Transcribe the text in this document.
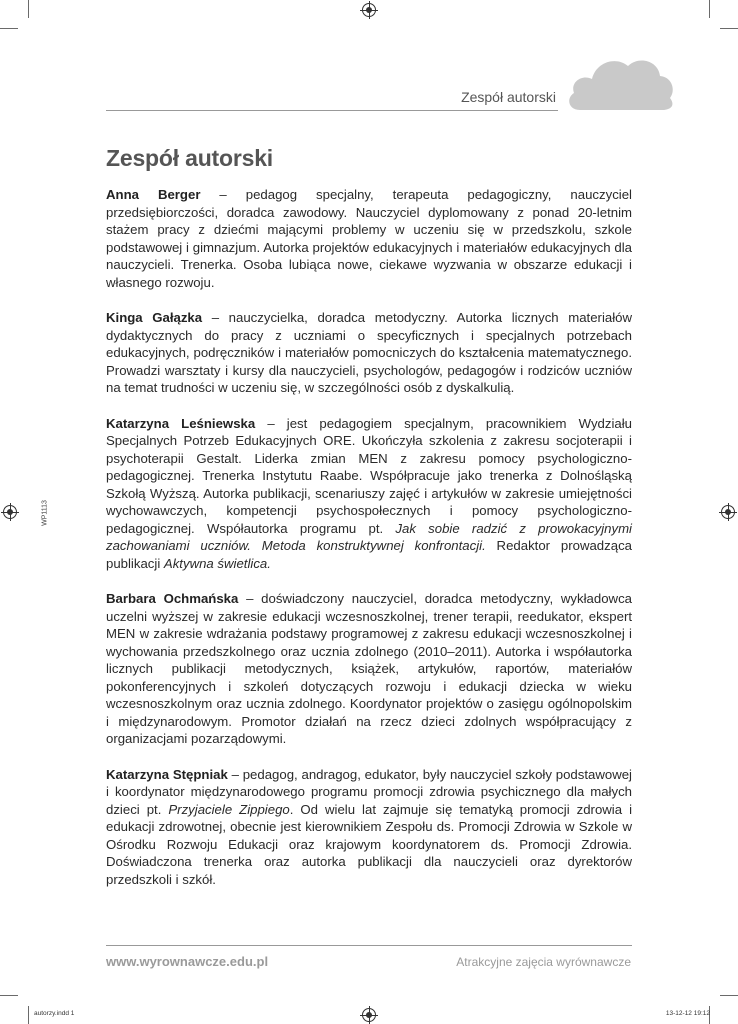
Zespół autorski
Zespół autorski
WP1113

Anna Berger – pedagog specjalny, terapeuta pedagogiczny, nauczyciel przedsiębiorczości, doradca zawodowy. Nauczyciel dyplomowany z ponad 20-letnim stażem pracy z dziećmi mającymi problemy w uczeniu się w przedszkolu, szkole podstawowej i gimnazjum. Autorka projektów edukacyjnych i materiałów edukacyjnych dla nauczycieli. Trenerka. Osoba lubiąca nowe, ciekawe wyzwania w obszarze edukacji i własnego rozwoju.

Kinga Gałązka – nauczycielka, doradca metodyczny. Autorka licznych materiałów dydaktycznych do pracy z uczniami o specyficznych i specjalnych potrzebach edukacyjnych, podręczników i materiałów pomocniczych do kształcenia matematycznego. Prowadzi warsztaty i kursy dla nauczycieli, psychologów, pedagogów i rodziców uczniów na temat trudności w uczeniu się, w szczególności osób z dyskalkulią.

Katarzyna Leśniewska – jest pedagogiem specjalnym, pracownikiem Wydziału Specjalnych Potrzeb Edukacyjnych ORE. Ukończyła szkolenia z zakresu socjoterapii i psychoterapii Gestalt. Liderka zmian MEN z zakresu pomocy psychologiczno-pedagogicznej. Trenerka Instytutu Raabe. Współpracuje jako trenerka z Dolnośląską Szkołą Wyższą. Autorka publikacji, scenariuszy zajęć i artykułów w zakresie umiejętności wychowawczych, kompetencji psychospołecznych i pomocy psychologiczno-pedagogicznej. Współautorka programu pt. Jak sobie radzić z prowokacyjnymi zachowaniami uczniów. Metoda konstruktywnej konfrontacji. Redaktor prowadząca publikacji Aktywna świetlica.

Barbara Ochmańska – doświadczony nauczyciel, doradca metodyczny, wykładowca uczelni wyższej w zakresie edukacji wczesnoszkolnej, trener terapii, reedukator, ekspert MEN w zakresie wdrażania podstawy programowej z zakresu edukacji wczesnoszkolnej i wychowania przedszkolnego oraz ucznia zdolnego (2010–2011). Autorka i współautorka licznych publikacji metodycznych, książek, artykułów, raportów, materiałów pokonferencyjnych i szkoleń dotyczących rozwoju i edukacji dziecka w wieku wczesnoszkolnym oraz ucznia zdolnego. Koordynator projektów o zasięgu ogólnopolskim i międzynarodowym. Promotor działań na rzecz dzieci zdolnych współpracujący z organizacjami pozarządowymi.

Katarzyna Stępniak – pedagog, andragog, edukator, były nauczyciel szkoły podstawowej i koordynator międzynarodowego programu promocji zdrowia psychicznego dla małych dzieci pt. Przyjaciele Zippiego. Od wielu lat zajmuje się tematyką promocji zdrowia i edukacji zdrowotnej, obecnie jest kierownikiem Zespołu ds. Promocji Zdrowia w Szkole w Ośrodku Rozwoju Edukacji oraz krajowym koordynatorem ds. Promocji Zdrowia. Doświadczona trenerka oraz autorka publikacji dla nauczycieli oraz dyrektorów przedszkoli i szkół.

www.wyrownawcze.edu.pl	Atrakcyjne zajęcia wyrównawcze
autorzy.indd 1	13-12-12 19:12
